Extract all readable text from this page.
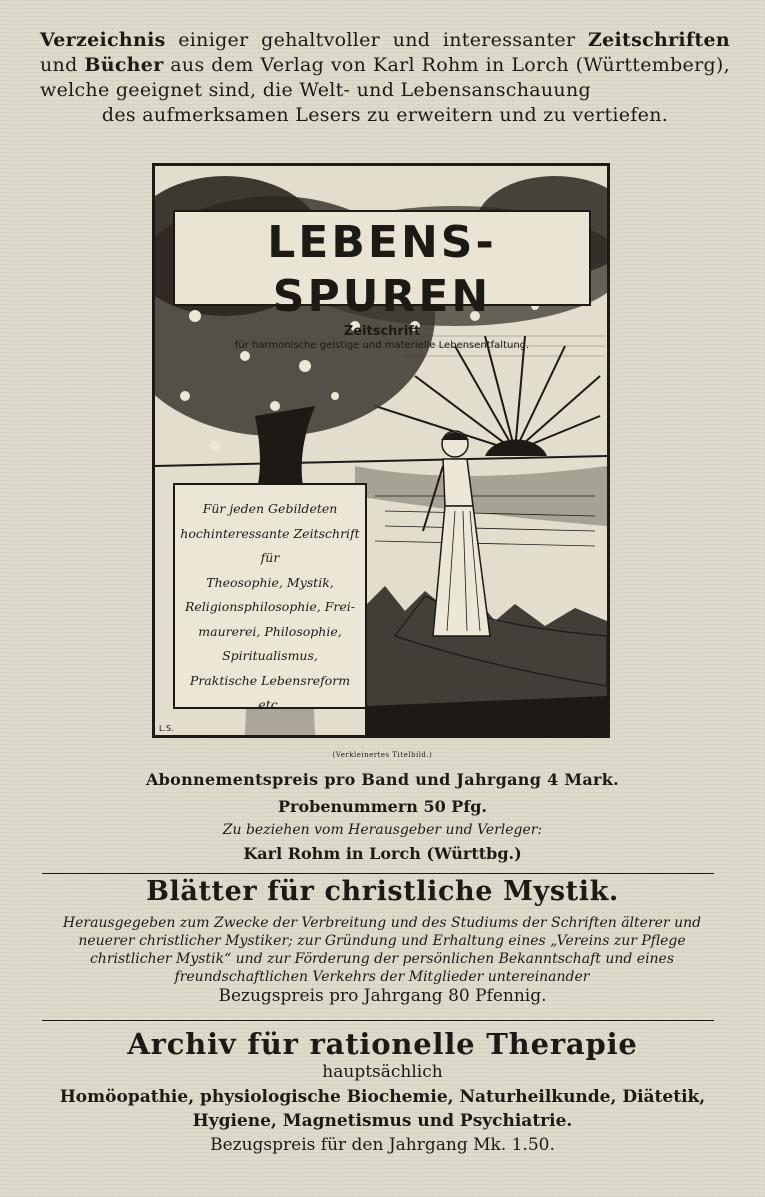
Verzeichnis einiger gehaltvoller und interessanter Zeitschriften und Bücher aus dem Verlag von Karl Rohm in Lorch (Württemberg), welche geeignet sind, die Welt- und Lebensanschauung
des aufmerksamen Lesers zu erweitern und zu vertiefen.
LEBENS-SPUREN
Zeitschrift
für harmonische geistige und materielle Lebensentfaltung.
Für jeden Gebildeten
hochinteressante Zeitschrift
für
Theosophie, Mystik,
Religionsphilosophie, Frei-
maurerei, Philosophie,
Spiritualismus,
Praktische Lebensreform
etc.
L.S.
(Verkleinertes Titelbild.)
Abonnementspreis pro Band und Jahrgang 4 Mark.
Probenummern 50 Pfg.
Zu beziehen vom Herausgeber und Verleger:
Karl Rohm in Lorch (Württbg.)
Blätter für christliche Mystik.
Herausgegeben zum Zwecke der Verbreitung und des Studiums der Schriften älterer und neuerer christlicher Mystiker; zur Gründung und Erhaltung eines „Vereins zur Pflege christlicher Mystik“ und zur Förderung der persönlichen Bekanntschaft und eines freundschaftlichen Verkehrs der Mitglieder untereinander
Bezugspreis pro Jahrgang 80 Pfennig.
Archiv für rationelle Therapie
hauptsächlich
Homöopathie, physiologische Biochemie, Naturheilkunde, Diätetik,
Hygiene, Magnetismus und Psychiatrie.
Bezugspreis für den Jahrgang Mk. 1.50.
